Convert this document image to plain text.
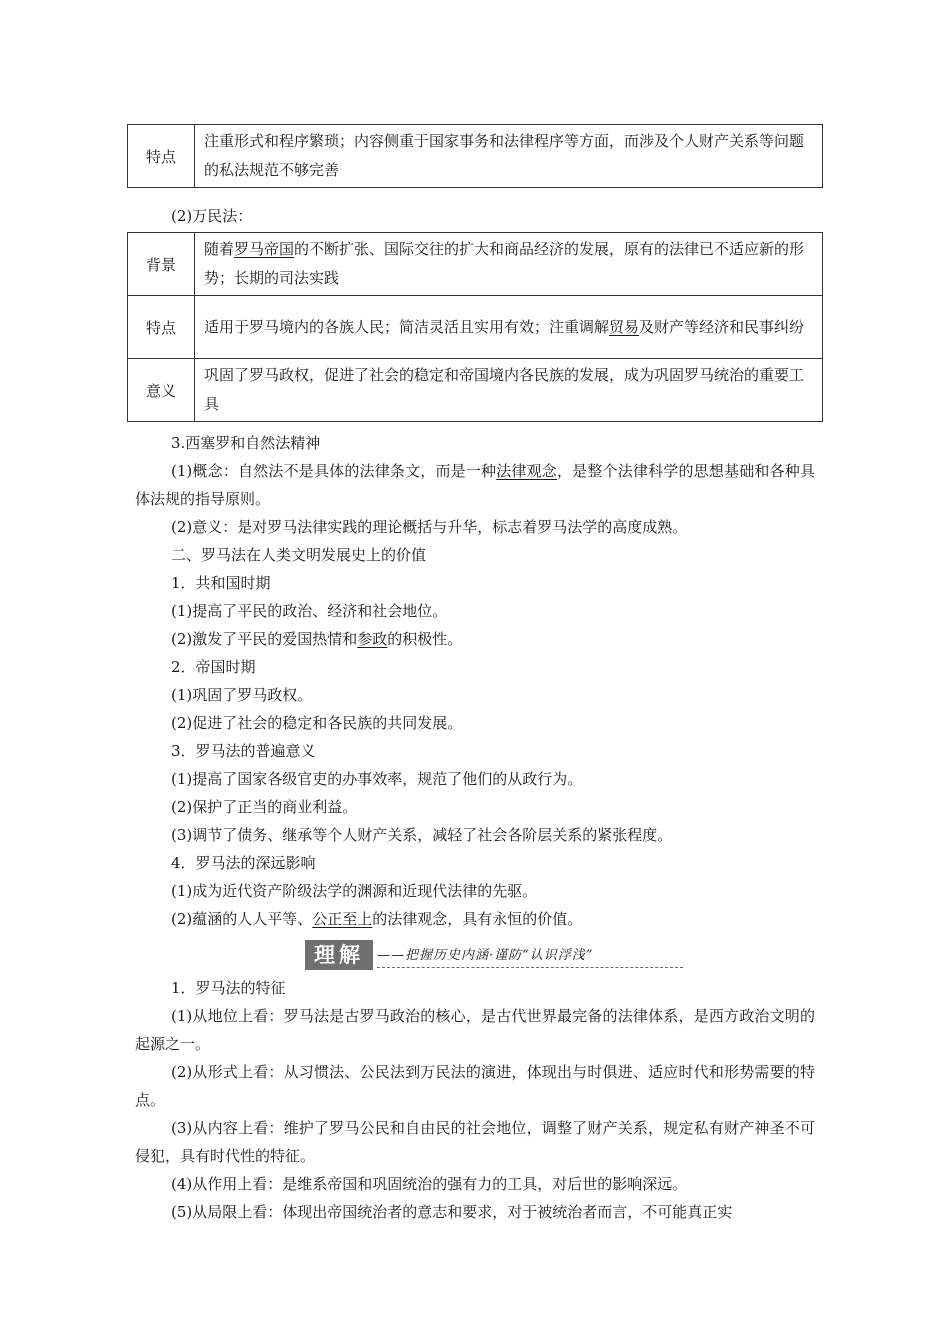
特点	注重形式和程序繁琐；内容侧重于国家事务和法律程序等方面，而涉及个人财产关系等问题的私法规范不够完善
(2)万民法：
背景	随着罗马帝国的不断扩张、国际交往的扩大和商品经济的发展，原有的法律已不适应新的形势；长期的司法实践
特点	适用于罗马境内的各族人民；简洁灵活且实用有效；注重调解贸易及财产等经济和民事纠纷
意义	巩固了罗马政权，促进了社会的稳定和帝国境内各民族的发展，成为巩固罗马统治的重要工具
3.西塞罗和自然法精神
(1)概念：自然法不是具体的法律条文，而是一种法律观念，是整个法律科学的思想基础和各种具体法规的指导原则。
(2)意义：是对罗马法律实践的理论概括与升华，标志着罗马法学的高度成熟。
二、罗马法在人类文明发展史上的价值
1．共和国时期
(1)提高了平民的政治、经济和社会地位。
(2)激发了平民的爱国热情和参政的积极性。
2．帝国时期
(1)巩固了罗马政权。
(2)促进了社会的稳定和各民族的共同发展。
3．罗马法的普遍意义
(1)提高了国家各级官吏的办事效率，规范了他们的从政行为。
(2)保护了正当的商业利益。
(3)调节了债务、继承等个人财产关系，减轻了社会各阶层关系的紧张程度。
4．罗马法的深远影响
(1)成为近代资产阶级法学的渊源和近现代法律的先驱。
(2)蕴涵的人人平等、公正至上的法律观念，具有永恒的价值。
理解	——把握历史内涵·谨防“认识浮浅”
1．罗马法的特征
(1)从地位上看：罗马法是古罗马政治的核心，是古代世界最完备的法律体系，是西方政治文明的起源之一。
(2)从形式上看：从习惯法、公民法到万民法的演进，体现出与时俱进、适应时代和形势需要的特点。
(3)从内容上看：维护了罗马公民和自由民的社会地位，调整了财产关系，规定私有财产神圣不可侵犯，具有时代性的特征。
(4)从作用上看：是维系帝国和巩固统治的强有力的工具，对后世的影响深远。
(5)从局限上看：体现出帝国统治者的意志和要求，对于被统治者而言，不可能真正实
